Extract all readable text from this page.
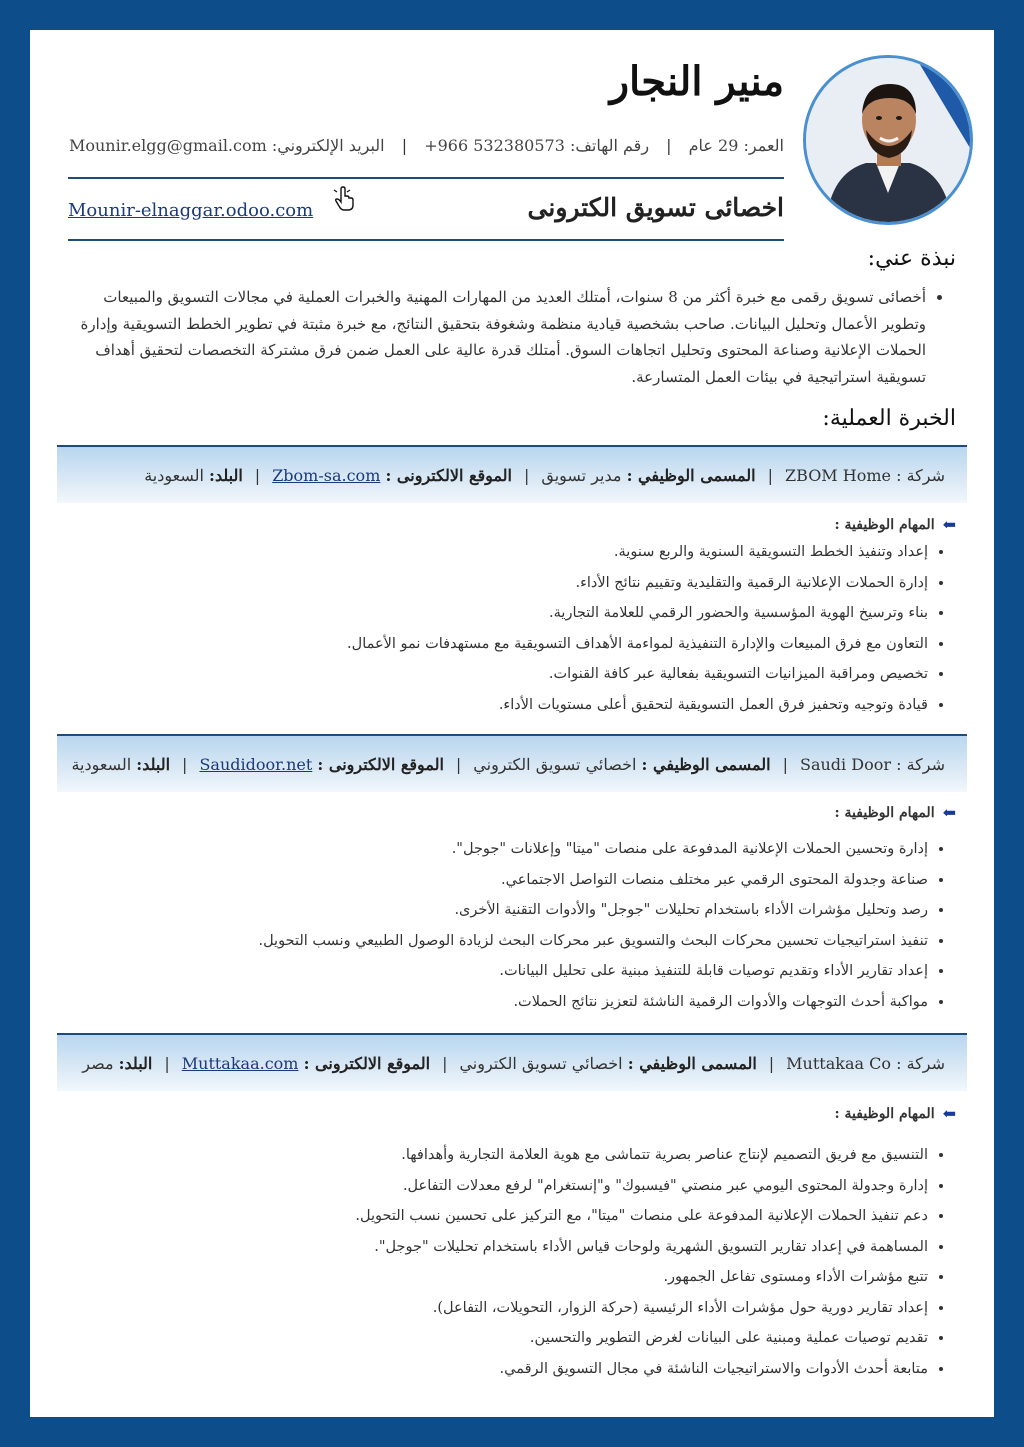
منير النجار
العمر: 29 عام | رقم الهاتف: 532380573 966+ | البريد الإلكتروني: Mounir.elgg@gmail.com
اخصائى تسويق الكترونى
Mounir-elnaggar.odoo.com
نبذة عني:
• أخصائى تسويق رقمى مع خبرة أكثر من 8 سنوات، أمتلك العديد من المهارات المهنية والخبرات العملية في مجالات التسويق والمبيعات وتطوير الأعمال وتحليل البيانات. صاحب بشخصية قيادية منظمة وشغوفة بتحقيق النتائج، مع خبرة مثبتة في تطوير الخطط التسويقية وإدارة الحملات الإعلانية وصناعة المحتوى وتحليل اتجاهات السوق. أمتلك قدرة عالية على العمل ضمن فرق مشتركة التخصصات لتحقيق أهداف تسويقية استراتيجية في بيئات العمل المتسارعة.
الخبرة العملية:
شركة :

ZBOM Home
|
المسمى الوظيفي :

مدير تسويق
|
الموقع الالكترونى :

Zbom-sa.com
|
البلد:

السعودية
⬅
المهام الوظيفية :
• إعداد وتنفيذ الخطط التسويقية السنوية والربع سنوية.
• إدارة الحملات الإعلانية الرقمية والتقليدية وتقييم نتائج الأداء.
• بناء وترسيخ الهوية المؤسسية والحضور الرقمي للعلامة التجارية.
• التعاون مع فرق المبيعات والإدارة التنفيذية لمواءمة الأهداف التسويقية مع مستهدفات نمو الأعمال.
• تخصيص ومراقبة الميزانيات التسويقية بفعالية عبر كافة القنوات.
• قيادة وتوجيه وتحفيز فرق العمل التسويقية لتحقيق أعلى مستويات الأداء.
شركة :

Saudi Door
|
المسمى الوظيفي :

اخصائي تسويق الكتروني
|
الموقع الالكترونى :

Saudidoor.net
|
البلد:

السعودية
⬅
المهام الوظيفية :
• إدارة وتحسين الحملات الإعلانية المدفوعة على منصات "ميتا" وإعلانات "جوجل".
• صناعة وجدولة المحتوى الرقمي عبر مختلف منصات التواصل الاجتماعي.
• رصد وتحليل مؤشرات الأداء باستخدام تحليلات "جوجل" والأدوات التقنية الأخرى.
• تنفيذ استراتيجيات تحسين محركات البحث والتسويق عبر محركات البحث لزيادة الوصول الطبيعي ونسب التحويل.
• إعداد تقارير الأداء وتقديم توصيات قابلة للتنفيذ مبنية على تحليل البيانات.
• مواكبة أحدث التوجهات والأدوات الرقمية الناشئة لتعزيز نتائج الحملات.
شركة :

Muttakaa Co
|
المسمى الوظيفي :

اخصائي تسويق الكتروني
|
الموقع الالكترونى :

Muttakaa.com
|
البلد:

مصر
⬅
المهام الوظيفية :
• التنسيق مع فريق التصميم لإنتاج عناصر بصرية تتماشى مع هوية العلامة التجارية وأهدافها.
• إدارة وجدولة المحتوى اليومي عبر منصتي "فيسبوك" و"إنستغرام" لرفع معدلات التفاعل.
• دعم تنفيذ الحملات الإعلانية المدفوعة على منصات "ميتا"، مع التركيز على تحسين نسب التحويل.
• المساهمة في إعداد تقارير التسويق الشهرية ولوحات قياس الأداء باستخدام تحليلات "جوجل".
• تتبع مؤشرات الأداء ومستوى تفاعل الجمهور.
• إعداد تقارير دورية حول مؤشرات الأداء الرئيسية (حركة الزوار، التحويلات، التفاعل).
• تقديم توصيات عملية ومبنية على البيانات لغرض التطوير والتحسين.
• متابعة أحدث الأدوات والاستراتيجيات الناشئة في مجال التسويق الرقمي.
